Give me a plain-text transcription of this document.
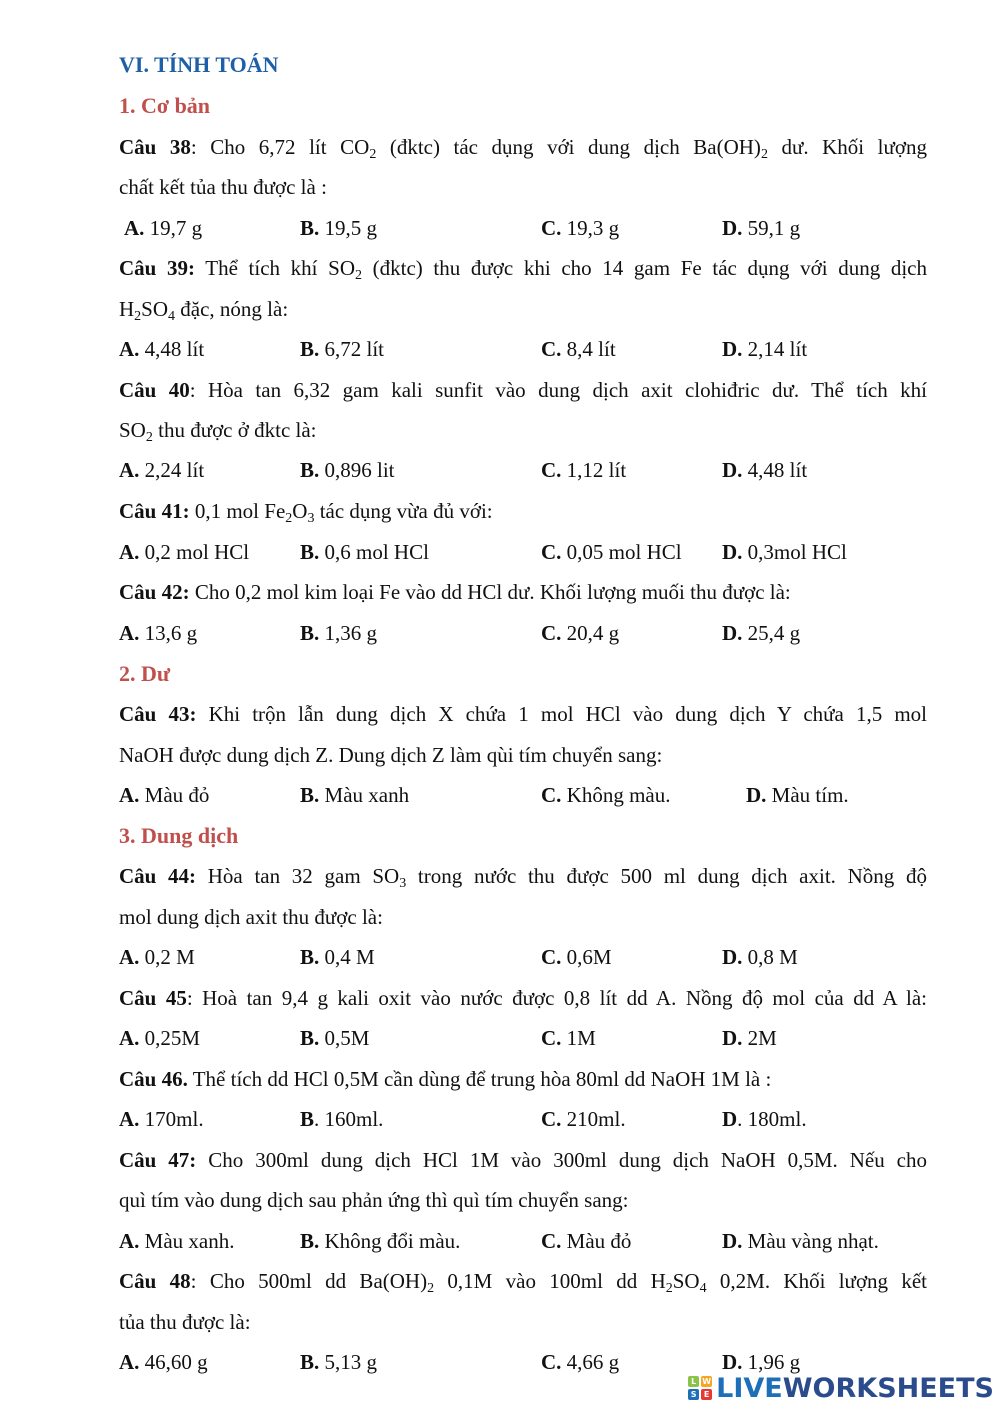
VI. TÍNH TOÁN
1. Cơ bản
Câu 38: Cho 6,72 lít $CO_2$ (đktc) tác dụng với dung dịch $Ba(OH)_2$ dư. Khối lượng
chất kết tủa thu được là :
A. 19,7 g	B. 19,5 g	C. 19,3 g	D. 59,1 g
Câu 39: Thể tích khí $SO_2$ (đktc) thu được khi cho 14 gam Fe tác dụng với dung dịch
$H_2SO_4$ đặc, nóng là:
A. 4,48 lít	B. 6,72 lít	C. 8,4 lít	D. 2,14 lít
Câu 40: Hòa tan 6,32 gam kali sunfit vào dung dịch axit clohiđric dư. Thể tích khí
$SO_2$ thu được ở đktc là:
A. 2,24 lít	B. 0,896 lit	C. 1,12 lít	D. 4,48 lít
Câu 41: 0,1 mol $Fe_2O_3$ tác dụng vừa đủ với:
A. 0,2 mol HCl B. 0,6 mol HCl	C. 0,05 mol HCl D. 0,3mol HCl
Câu 42: Cho 0,2 mol kim loại Fe vào dd HCl dư. Khối lượng muối thu được là:
A. 13,6 g	B. 1,36 g	C. 20,4 g	D. 25,4 g
2. Dư
Câu 43: Khi trộn lẫn dung dịch X chứa 1 mol HCl vào dung dịch Y chứa 1,5 mol
NaOH được dung dịch Z. Dung dịch Z làm qùi tím chuyển sang:
A. Màu đỏ	B. Màu xanh	C. Không màu.	D. Màu tím.
3. Dung dịch
Câu 44: Hòa tan 32 gam $SO_3$ trong nước thu được 500 ml dung dịch axit. Nồng độ
mol dung dịch axit thu được là:
A. 0,2 M	B. 0,4 M	C. 0,6M	D. 0,8 M
Câu 45: Hoà tan 9,4 g kali oxit vào nước được 0,8 lít dd A. Nồng độ mol của dd A là:
A. 0,25M	B. 0,5M	C. 1M	D. 2M
Câu 46. Thể tích dd HCl 0,5M cần dùng để trung hòa 80ml dd NaOH 1M là :
A. 170ml.	B. 160ml.	C. 210ml.	D. 180ml.
Câu 47: Cho 300ml dung dịch HCl 1M vào 300ml dung dịch NaOH 0,5M. Nếu cho
quì tím vào dung dịch sau phản ứng thì quì tím chuyển sang:
A. Màu xanh.	B. Không đổi màu.	C. Màu đỏ	D. Màu vàng nhạt.
Câu 48: Cho 500ml dd $Ba(OH)_2$ 0,1M vào 100ml dd $H_2SO_4$ 0,2M. Khối lượng kết
tủa thu được là:
A. 46,60 g	B. 5,13 g	C. 4,66 g	D. 1,96 g
L W
S E LIVEWORKSHEETS
